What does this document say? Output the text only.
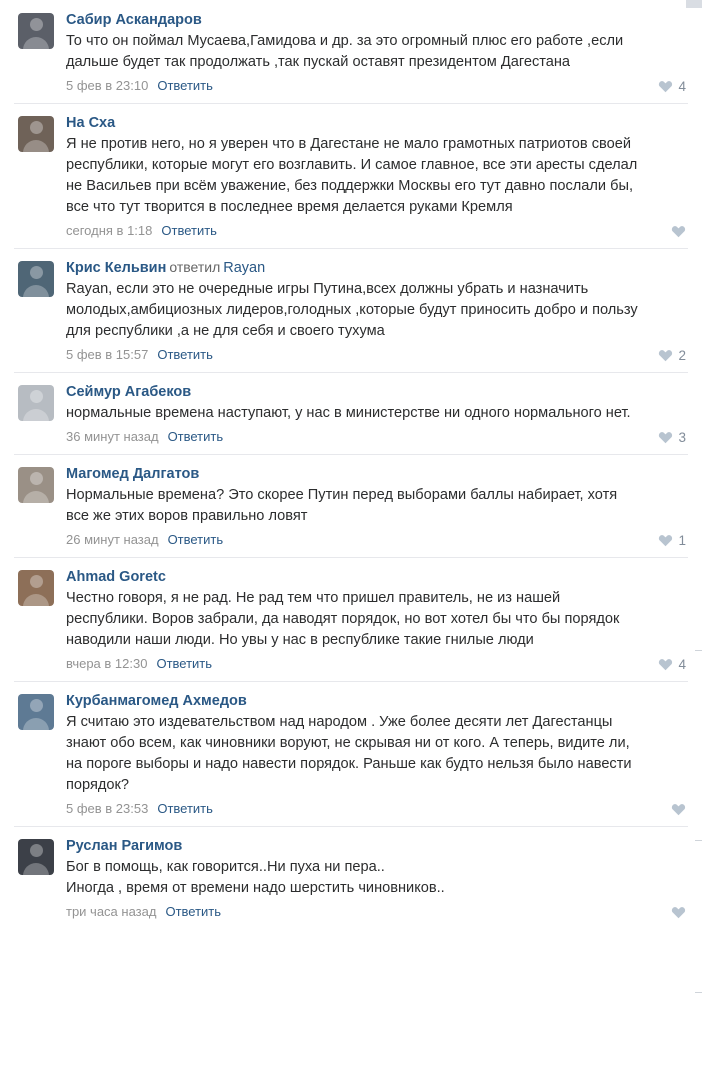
Сабир Аскандаров
То что он поймал Мусаева,Гамидова и др. за это огромный плюс его работе ,если дальше будет так продолжать ,так пускай оставят президентом Дагестана
5 фев в 23:10 Ответить	4
На Сха
Я не против него, но я уверен что в Дагестане не мало грамотных патриотов своей республики, которые могут его возглавить. И самое главное, все эти аресты сделал не Васильев при всём уважение, без поддержки Москвы его тут давно послали бы, все что тут творится в последнее время делается руками Кремля
сегодня в 1:18 Ответить
Крис Кельвин ответил Rayan
Rayan, если это не очередные игры Путина,всех должны убрать и назначить молодых,амбициозных лидеров,голодных ,которые будут приносить добро и пользу для республики ,а не для себя и своего тухума
5 фев в 15:57 Ответить	2
Сеймур Агабеков
нормальные времена наступают, у нас в министерстве ни одного нормального нет.
36 минут назад Ответить	3
Магомед Далгатов
Нормальные времена? Это скорее Путин перед выборами баллы набирает, хотя все же этих воров правильно ловят
26 минут назад Ответить	1
Ahmad Goretc
Честно говоря, я не рад. Не рад тем что пришел правитель, не из нашей республики. Воров забрали, да наводят порядок, но вот хотел бы что бы порядок наводили наши люди. Но увы у нас в республике такие гнилые люди
вчера в 12:30 Ответить	4
Курбанмагомед Ахмедов
Я считаю это издевательством над народом . Уже более десяти лет Дагестанцы знают обо всем, как чиновники воруют, не скрывая ни от кого. А теперь, видите ли, на пороге выборы и надо навести порядок. Раньше как будто нельзя было навести порядок?
5 фев в 23:53 Ответить
Руслан Рагимов
Бог в помощь, как говорится..Ни пуха ни пера..
Иногда , время от времени надо шерстить чиновников..
три часа назад Ответить
